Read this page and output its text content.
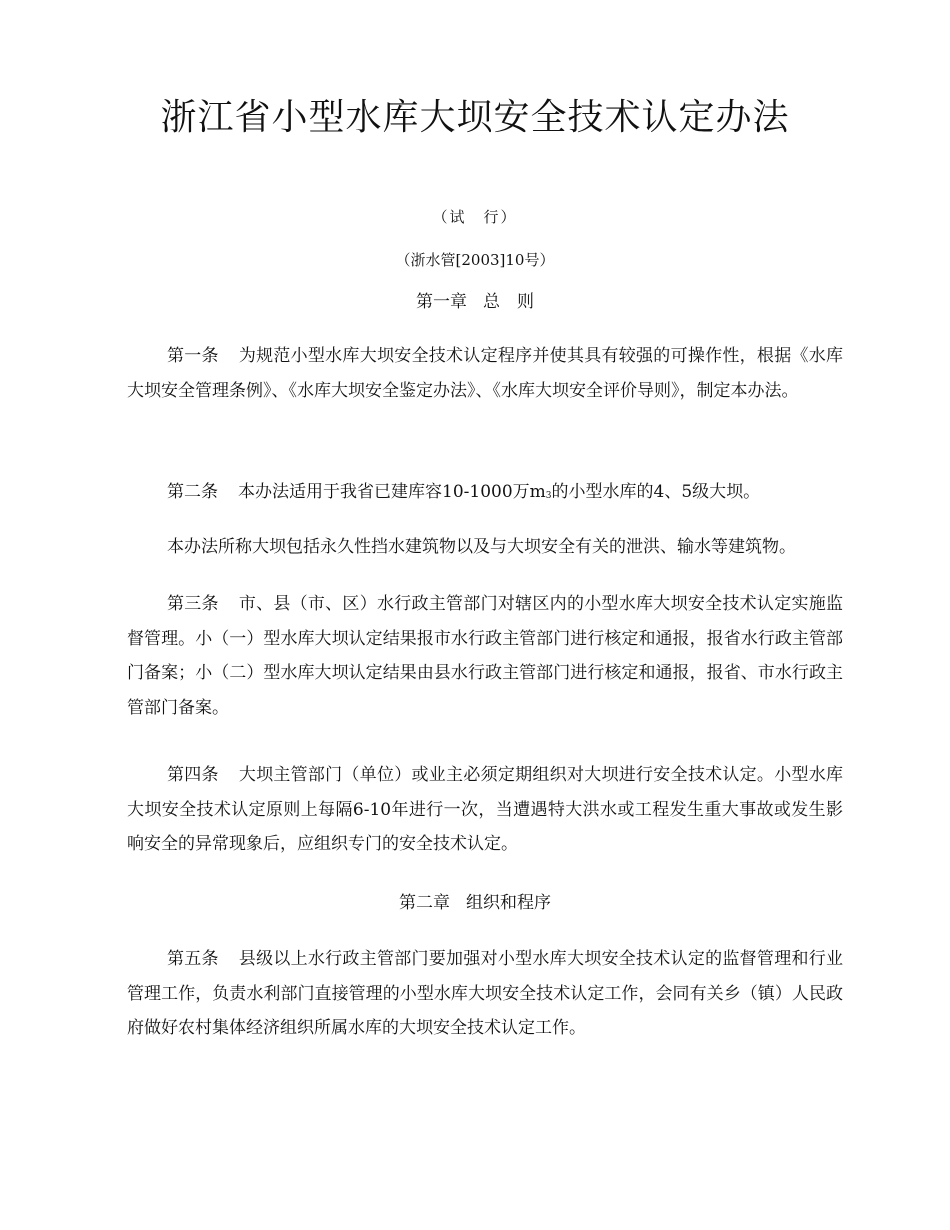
浙江省小型水库大坝安全技术认定办法

（试　行）

（浙水管[2003]10号）

第一章 总　则

第一条 为规范小型水库大坝安全技术认定程序并使其具有较强的可操作性，根据《水库大坝安全管理条例》、《水库大坝安全鉴定办法》、《水库大坝安全评价导则》，制定本办法。

第二条 本办法适用于我省已建库容10-1000万m3的小型水库的4、5级大坝。

本办法所称大坝包括永久性挡水建筑物以及与大坝安全有关的泄洪、输水等建筑物。

第三条 市、县（市、区）水行政主管部门对辖区内的小型水库大坝安全技术认定实施监督管理。小（一）型水库大坝认定结果报市水行政主管部门进行核定和通报，报省水行政主管部门备案；小（二）型水库大坝认定结果由县水行政主管部门进行核定和通报，报省、市水行政主管部门备案。

第四条 大坝主管部门（单位）或业主必须定期组织对大坝进行安全技术认定。小型水库大坝安全技术认定原则上每隔6-10年进行一次，当遭遇特大洪水或工程发生重大事故或发生影响安全的异常现象后，应组织专门的安全技术认定。

第二章 组织和程序

第五条 县级以上水行政主管部门要加强对小型水库大坝安全技术认定的监督管理和行业管理工作，负责水利部门直接管理的小型水库大坝安全技术认定工作，会同有关乡（镇）人民政府做好农村集体经济组织所属水库的大坝安全技术认定工作。
